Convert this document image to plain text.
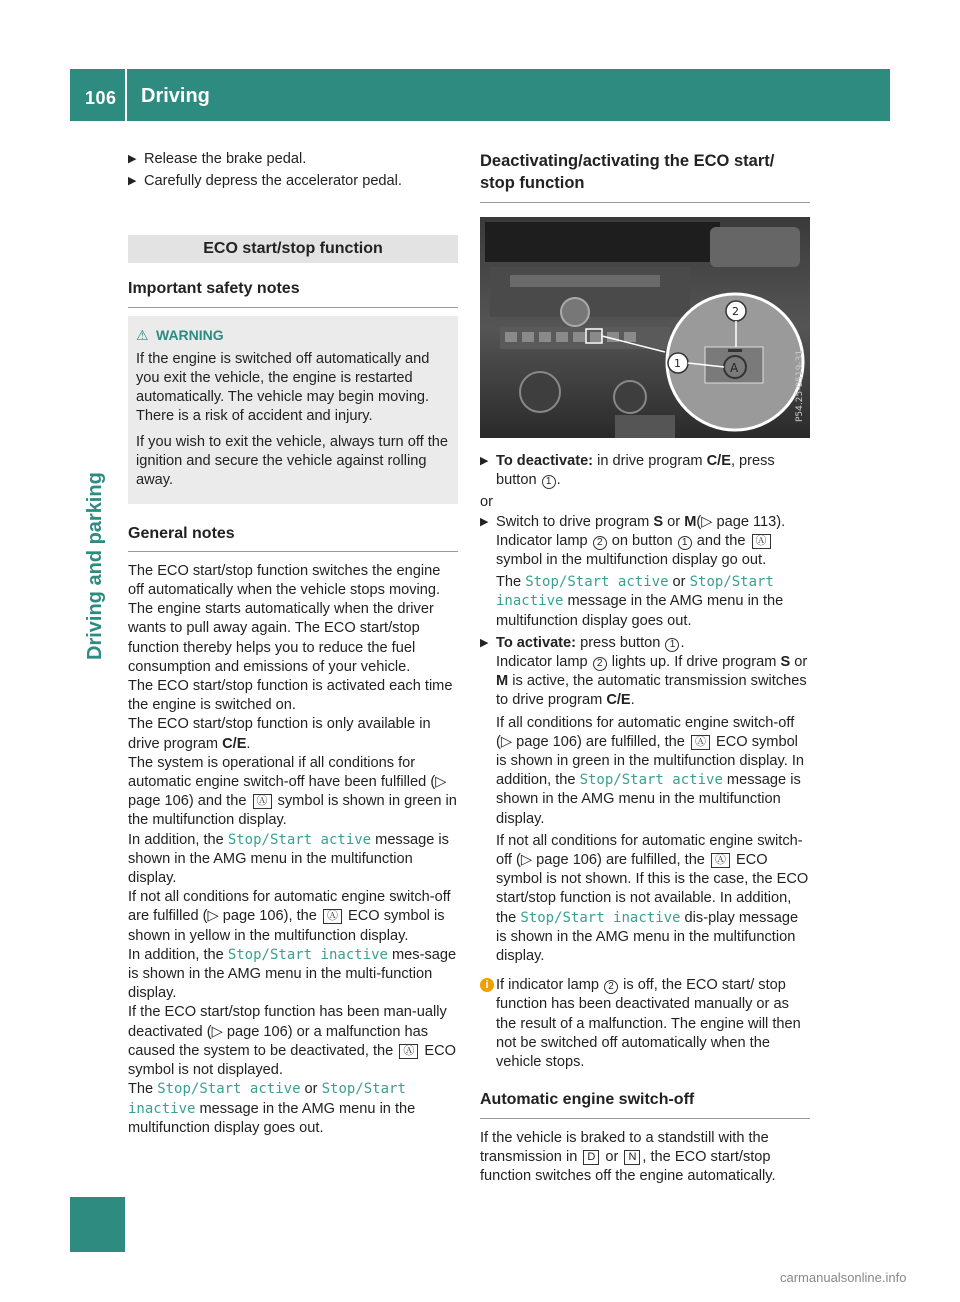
106 Driving
Driving and parking
▶ Release the brake pedal.
▶ Carefully depress the accelerator pedal.
ECO start/stop function
Important safety notes
⚠ WARNING

If the engine is switched off automatically and you exit the vehicle, the engine is restarted automatically. The vehicle may begin moving. There is a risk of accident and injury.

If you wish to exit the vehicle, always turn off the ignition and secure the vehicle against rolling away.

General notes

The ECO start/stop function switches the engine off automatically when the vehicle stops moving.

The engine starts automatically when the driver wants to pull away again. The ECO start/stop function thereby helps you to reduce the fuel consumption and emissions of your vehicle.

The ECO start/stop function is activated each time the engine is switched on.

The ECO start/stop function is only available in drive program C/E.

The system is operational if all conditions for automatic engine switch-off have been fulfilled (▷ page 106) and the Ⓐ symbol is shown in green in the multifunction display.

In addition, the Stop/Start active message is shown in the AMG menu in the multifunction display.

If not all conditions for automatic engine switch-off are fulfilled (▷ page 106), the Ⓐ ECO symbol is shown in yellow in the multifunction display.

In addition, the Stop/Start inactive mes-sage is shown in the AMG menu in the multi-function display.

If the ECO start/stop function has been man-ually deactivated (▷ page 106) or a malfunction has caused the system to be deactivated, the Ⓐ ECO symbol is not displayed.

The Stop/Start active or Stop/Start inactive message in the AMG menu in the multifunction display goes out.

Deactivating/activating the ECO start/ stop function
A
2
1	P54.25-0519-31
▶ To deactivate: in drive program C/E, press button 1 .

or

▶ Switch to drive program S or M(▷ page 113). Indicator lamp 2 on button 1 and the Ⓐ symbol in the multifunction display go out.

The Stop/Start active or Stop/Start inactive message in the AMG menu in the multifunction display goes out.

▶ To activate: press button 1 .
Indicator lamp 2 lights up. If drive program S or M is active, the automatic transmission switches to drive program C/E.

If all conditions for automatic engine switch-off (▷ page 106) are fulfilled, the Ⓐ ECO symbol is shown in green in the multifunction display. In addition, the Stop/Start active message is shown in the AMG menu in the multifunction display.

If not all conditions for automatic engine switch-off (▷ page 106) are fulfilled, the Ⓐ ECO symbol is not shown. If this is the case, the ECO start/stop function is not available. In addition, the Stop/Start inactive dis-play message is shown in the AMG menu in the multifunction display.

i If indicator lamp 2 is off, the ECO start/ stop function has been deactivated manually or as the result of a malfunction. The engine will then not be switched off automatically when the vehicle stops.
Automatic engine switch-off

If the vehicle is braked to a standstill with the transmission in D or N , the ECO start/stop function switches off the engine automatically.

carmanualsonline.info
